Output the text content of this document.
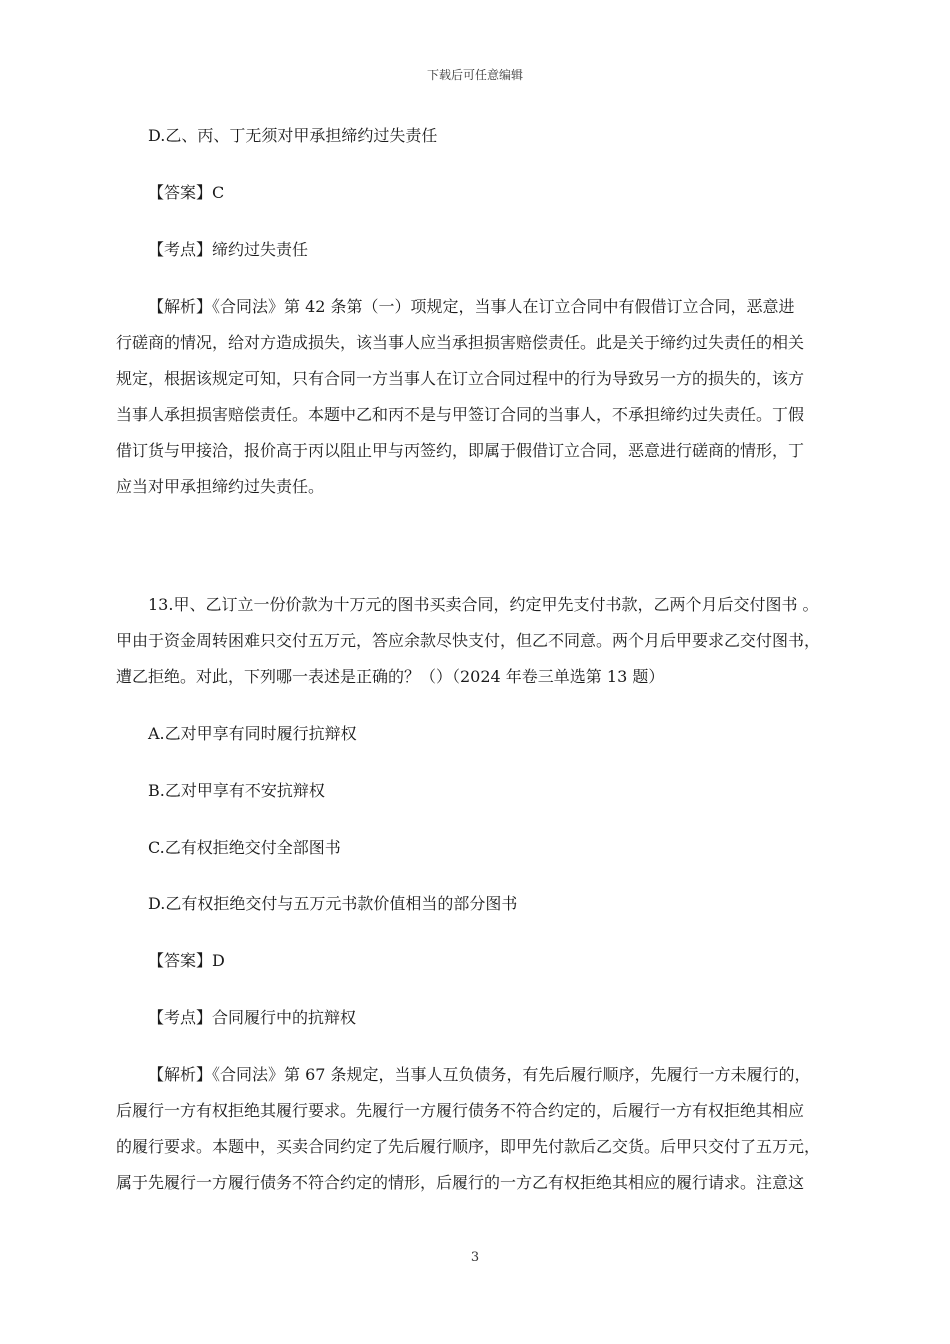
下载后可任意编辑
D.乙、丙、丁无须对甲承担缔约过失责任
【答案】C
【考点】缔约过失责任
【解析】《合同法》第 42 条第（一）项规定，当事人在订立合同中有假借订立合同，恶意进
行磋商的情况，给对方造成损失，该当事人应当承担损害赔偿责任。此是关于缔约过失责任的相关
规定，根据该规定可知，只有合同一方当事人在订立合同过程中的行为导致另一方的损失的，该方
当事人承担损害赔偿责任。本题中乙和丙不是与甲签订合同的当事人，不承担缔约过失责任。丁假
借订货与甲接洽，报价高于丙以阻止甲与丙签约，即属于假借订立合同，恶意进行磋商的情形，丁
应当对甲承担缔约过失责任。
13.甲、乙订立一份价款为十万元的图书买卖合同，约定甲先支付书款，乙两个月后交付图书 。
甲由于资金周转困难只交付五万元，答应余款尽快支付，但乙不同意。两个月后甲要求乙交付图书，
遭乙拒绝。对此，下列哪一表述是正确的？（）（2024 年卷三单选第 13 题）
A.乙对甲享有同时履行抗辩权
B.乙对甲享有不安抗辩权
C.乙有权拒绝交付全部图书
D.乙有权拒绝交付与五万元书款价值相当的部分图书
【答案】D
【考点】合同履行中的抗辩权
【解析】《合同法》第 67 条规定，当事人互负债务，有先后履行顺序，先履行一方未履行的，
后履行一方有权拒绝其履行要求。先履行一方履行债务不符合约定的，后履行一方有权拒绝其相应
的履行要求。本题中，买卖合同约定了先后履行顺序，即甲先付款后乙交货。后甲只交付了五万元，
属于先履行一方履行债务不符合约定的情形，后履行的一方乙有权拒绝其相应的履行请求。注意这
3
